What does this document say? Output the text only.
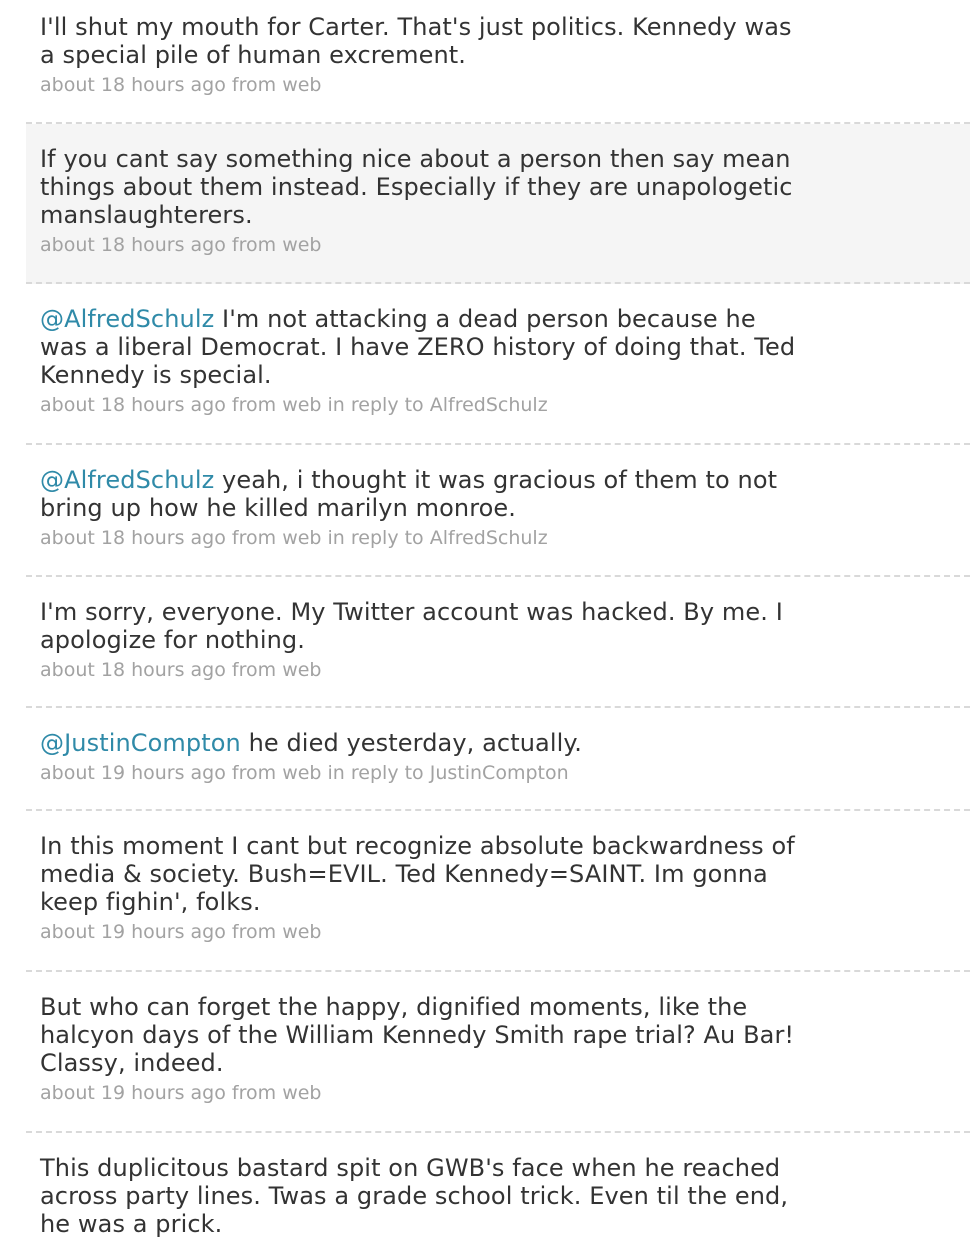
I'll shut my mouth for Carter. That's just politics. Kennedy was a special pile of human excrement.

about 18 hours ago from web

If you cant say something nice about a person then say mean things about them instead. Especially if they are unapologetic manslaughterers.

about 18 hours ago from web

@AlfredSchulz I'm not attacking a dead person because he was a liberal Democrat. I have ZERO history of doing that. Ted Kennedy is special.

about 18 hours ago from web in reply to AlfredSchulz

@AlfredSchulz yeah, i thought it was gracious of them to not bring up how he killed marilyn monroe.

about 18 hours ago from web in reply to AlfredSchulz

I'm sorry, everyone. My Twitter account was hacked. By me. I apologize for nothing.

about 18 hours ago from web

@JustinCompton he died yesterday, actually.

about 19 hours ago from web in reply to JustinCompton

In this moment I cant but recognize absolute backwardness of media & society. Bush=EVIL. Ted Kennedy=SAINT. Im gonna keep fighin', folks.

about 19 hours ago from web

But who can forget the happy, dignified moments, like the halcyon days of the William Kennedy Smith rape trial? Au Bar! Classy, indeed.

about 19 hours ago from web

This duplicitous bastard spit on GWB's face when he reached across party lines. Twas a grade school trick. Even til the end, he was a prick.
